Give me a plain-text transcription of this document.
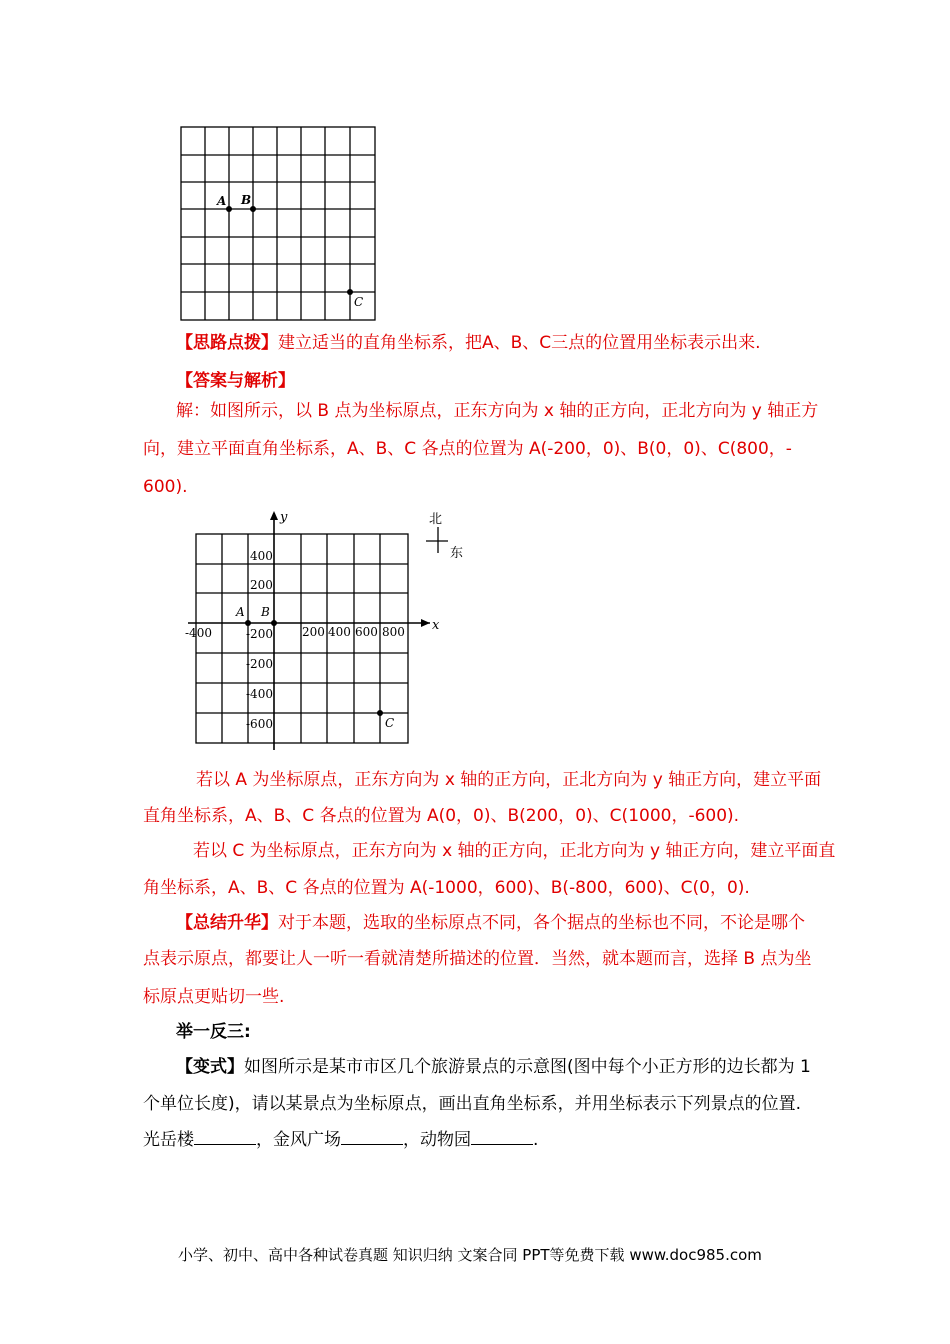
A B
C
【思路点拨】建立适当的直角坐标系，把A、B、C三点的位置用坐标表示出来.
【答案与解析】
解：如图所示，以 B 点为坐标原点，正东方向为 x 轴的正方向，正北方向为 y 轴正方
向，建立平面直角坐标系，A、B、C 各点的位置为 A(-200，0)、B(0，0)、C(800，-
600).
x
y
400
200
-200
-400
-600
-400	-200 200 400 600 800
A B
C
北
东
若以 A 为坐标原点，正东方向为 x 轴的正方向，正北方向为 y 轴正方向，建立平面
直角坐标系，A、B、C 各点的位置为 A(0，0)、B(200，0)、C(1000，-600).
若以 C 为坐标原点，正东方向为 x 轴的正方向，正北方向为 y 轴正方向，建立平面直
角坐标系，A、B、C 各点的位置为 A(-1000，600)、B(-800，600)、C(0，0).
【总结升华】对于本题，选取的坐标原点不同，各个据点的坐标也不同，不论是哪个
点表示原点，都要让人一听一看就清楚所描述的位置．当然，就本题而言，选择 B 点为坐
标原点更贴切一些.
举一反三:
【变式】如图所示是某市市区几个旅游景点的示意图(图中每个小正方形的边长都为 1
个单位长度)，请以某景点为坐标原点，画出直角坐标系，并用坐标表示下列景点的位置.
光岳楼	，金风广场	，动物园	.
小学、初中、高中各种试卷真题 知识归纳 文案合同 PPT等免费下载 www.doc985.com
